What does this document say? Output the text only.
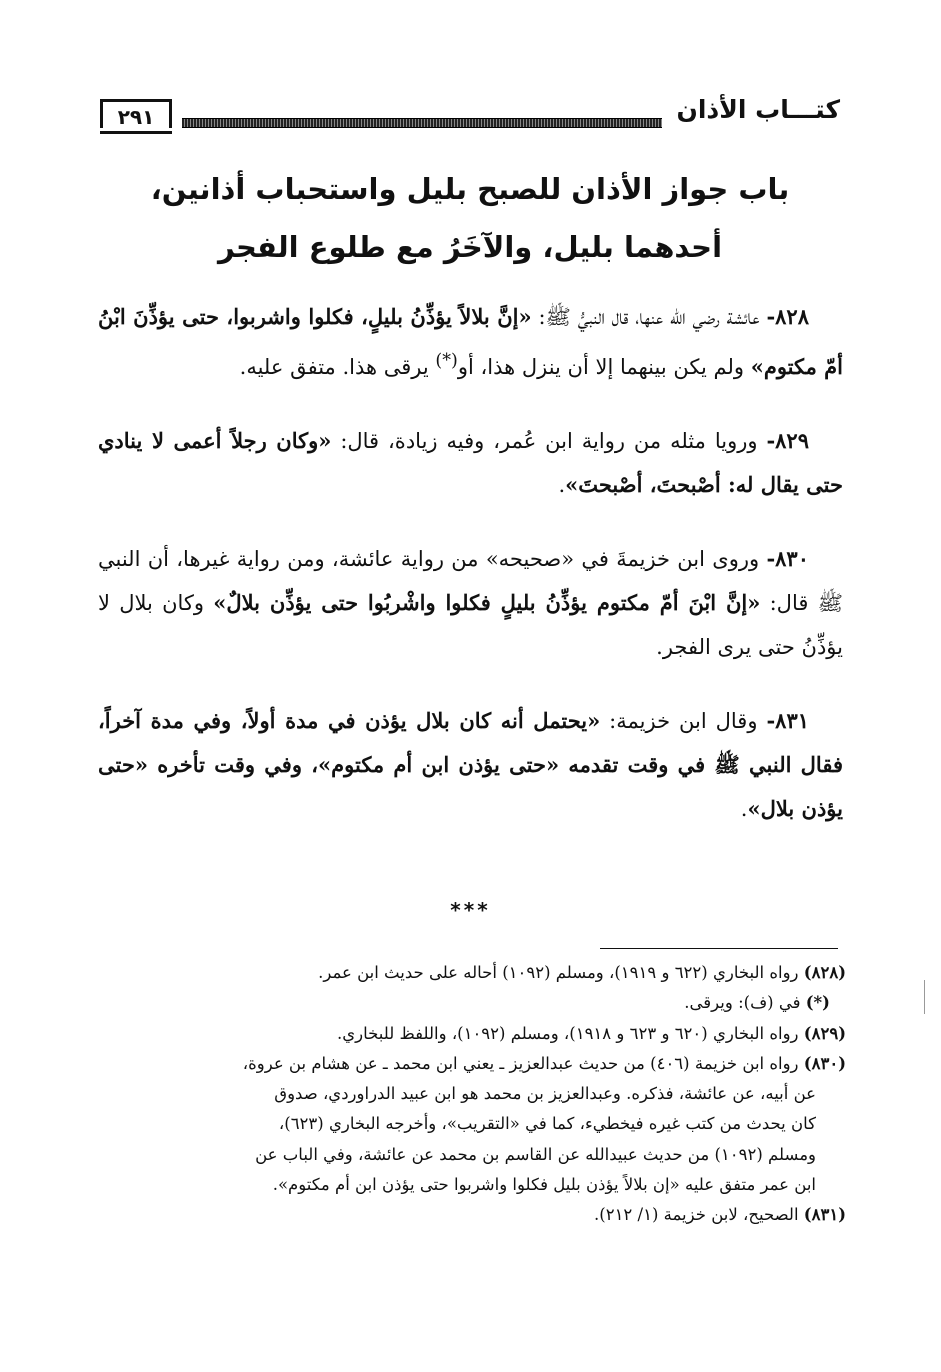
كتـــاب الأذان
٢٩١
باب جواز الأذان للصبح بليل واستحباب أذانين،
أحدهما بليل، والآخَرُ مع طلوع الفجر

٨٢٨- عائشة رضي الله عنها، قال النبيُّ ﷺ: «إنَّ بلالاً يؤذِّنُ بليلٍ، فكلوا واشربوا، حتى يؤذِّنَ ابْنُ أمّ مكتوم» ولم يكن بينهما إلا أن ينزل هذا، أو(*) يرقى هذا. متفق عليه.

٨٢٩- ورويا مثله من رواية ابن عُمر، وفيه زيادة، قال: «وكان رجلاً أعمى لا ينادي حتى يقال له: أصْبحتَ، أصْبحتَ».

٨٣٠- وروى ابن خزيمةَ في «صحيحه» من رواية عائشة، ومن رواية غيرها، أن النبي ﷺ قال: «إنَّ ابْنَ أمّ مكتوم يؤذِّنُ بليلٍ فكلوا واشْربُوا حتى يؤذِّن بلالٌ» وكان بلال لا يؤذِّنُ حتى يرى الفجر.

٨٣١- وقال ابن خزيمة: «يحتمل أنه كان بلال يؤذن في مدة أولاً، وفي مدة آخراً، فقال النبي ﷺ في وقت تقدمه «حتى يؤذن ابن أم مكتوم»، وفي وقت تأخره «حتى يؤذن بلال».

***

(٨٢٨) رواه البخاري (٦٢٢ و ١٩١٩)، ومسلم (١٠٩٢) أحاله على حديث ابن عمر.

(*) في (ف): ويرقى.

(٨٢٩) رواه البخاري (٦٢٠ و ٦٢٣ و ١٩١٨)، ومسلم (١٠٩٢)، واللفظ للبخاري.

(٨٣٠) رواه ابن خزيمة (٤٠٦) من حديث عبدالعزيز ـ يعني ابن محمد ـ عن هشام بن عروة،
عن أبيه، عن عائشة، فذكره. وعبدالعزيز بن محمد هو ابن عبيد الدراوردي، صدوق
كان يحدث من كتب غيره فيخطيء، كما في «التقريب»، وأخرجه البخاري (٦٢٣)،
ومسلم (١٠٩٢) من حديث عبيدالله عن القاسم بن محمد عن عائشة، وفي الباب عن
ابن عمر متفق عليه «إن بلالاً يؤذن بليل فكلوا واشربوا حتى يؤذن ابن أم مكتوم».

(٨٣١) الصحيح، لابن خزيمة (١/ ٢١٢).
